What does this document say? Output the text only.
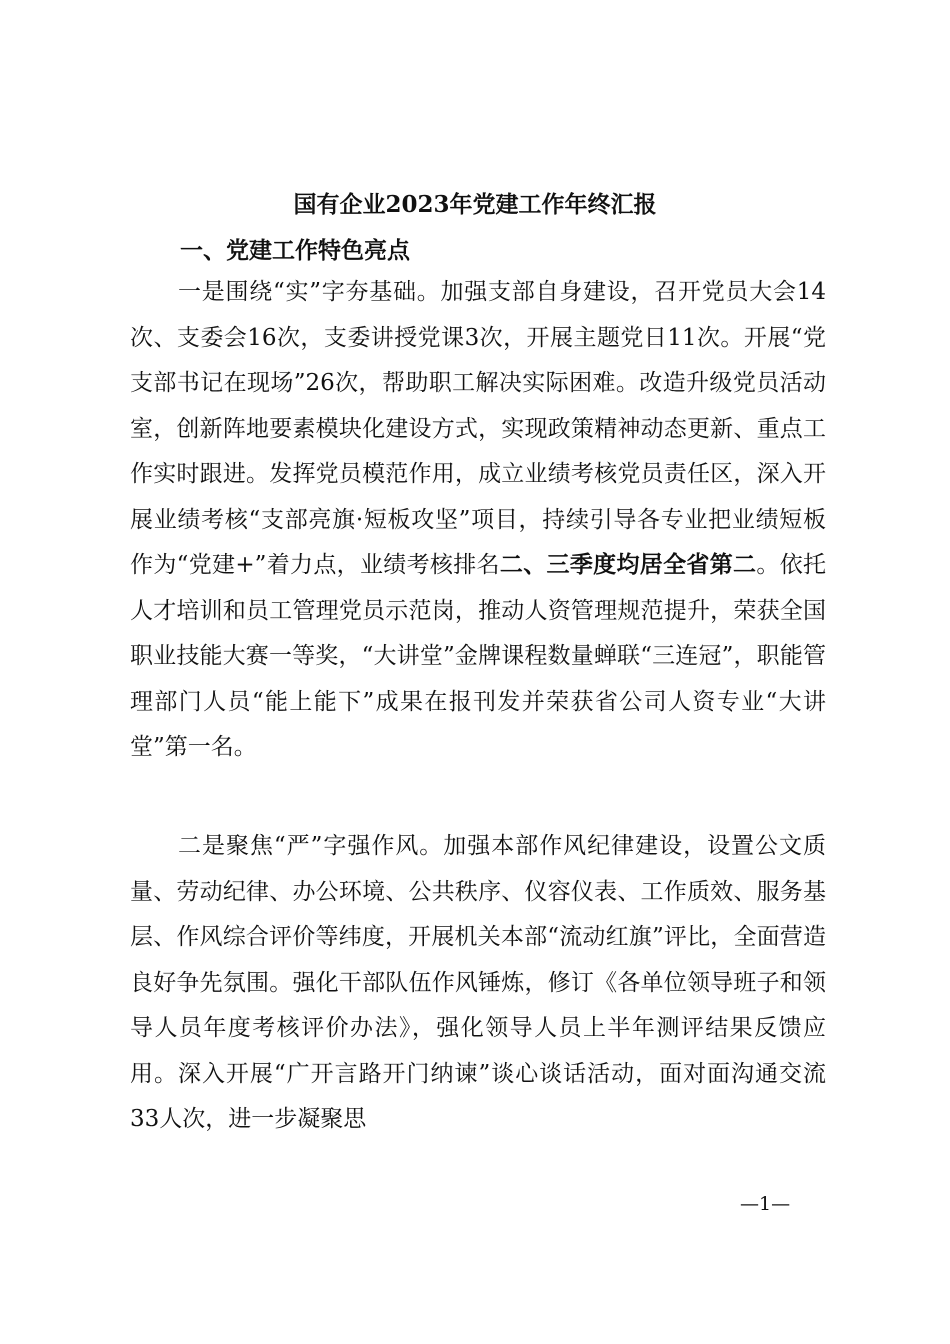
国有企业2023年党建工作年终汇报
一、党建工作特色亮点

一是围绕“实”字夯基础。加强支部自身建设，召开党员大会14次、支委会16次，支委讲授党课3次，开展主题党日11次。开展“党支部书记在现场”26次，帮助职工解决实际困难。改造升级党员活动室，创新阵地要素模块化建设方式，实现政策精神动态更新、重点工作实时跟进。发挥党员模范作用，成立业绩考核党员责任区，深入开展业绩考核“支部亮旗·短板攻坚”项目，持续引导各专业把业绩短板作为“党建+”着力点，业绩考核排名二、三季度均居全省第二。依托人才培训和员工管理党员示范岗，推动人资管理规范提升，荣获全国职业技能大赛一等奖，“大讲堂”金牌课程数量蝉联“三连冠”，职能管理部门人员“能上能下”成果在报刊发并荣获省公司人资专业“大讲堂”第一名。

二是聚焦“严”字强作风。加强本部作风纪律建设，设置公文质量、劳动纪律、办公环境、公共秩序、仪容仪表、工作质效、服务基层、作风综合评价等纬度，开展机关本部“流动红旗”评比，全面营造良好争先氛围。强化干部队伍作风锤炼，修订《各单位领导班子和领导人员年度考核评价办法》，强化领导人员上半年测评结果反馈应用。深入开展“广开言路开门纳谏”谈心谈话活动，面对面沟通交流33人次，进一步凝聚思

—1—
